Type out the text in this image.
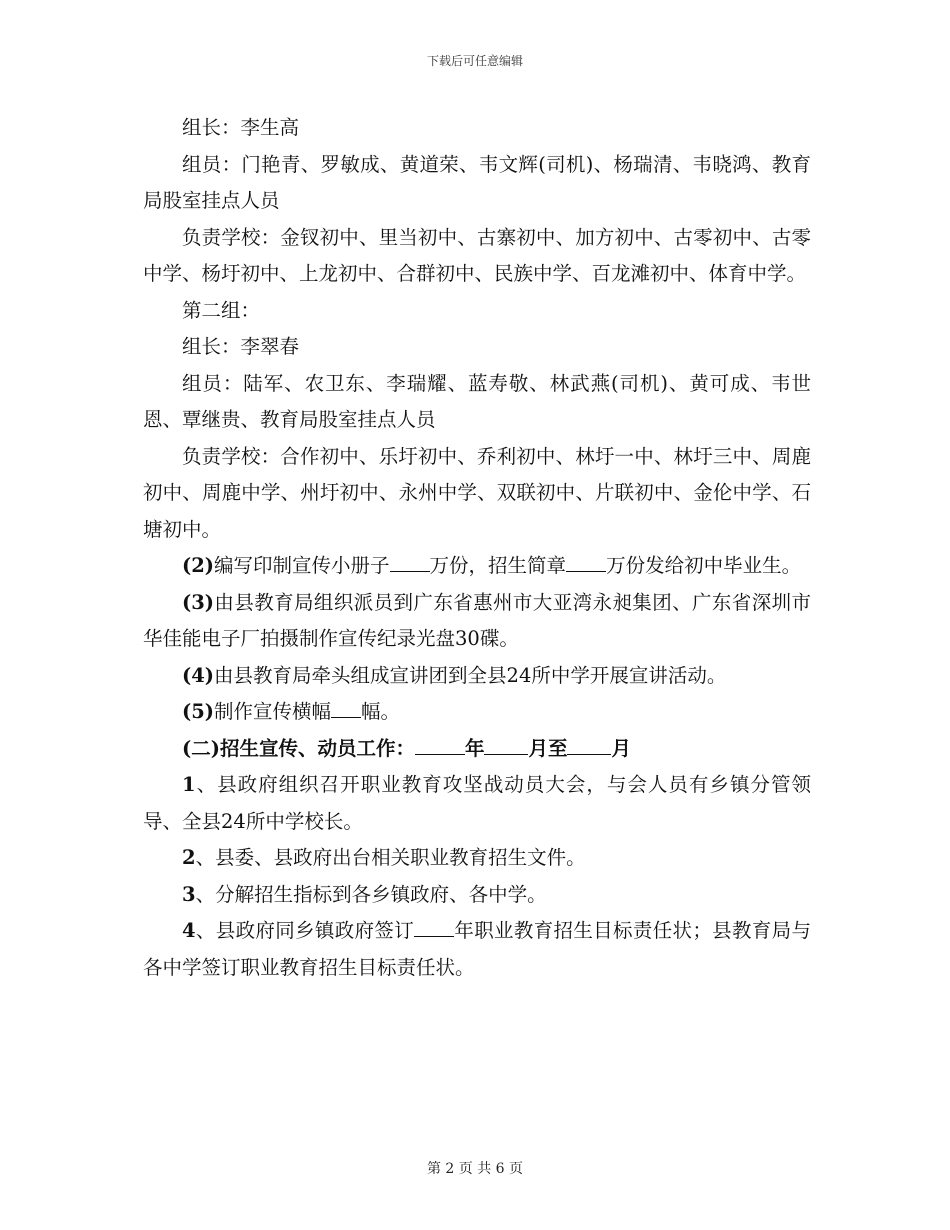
下载后可任意编辑

组长：李生高

组员：门艳青、罗敏成、黄道荣、韦文辉(司机)、杨瑞清、韦晓鸿、教育局股室挂点人员

负责学校：金钗初中、里当初中、古寨初中、加方初中、古零初中、古零中学、杨圩初中、上龙初中、合群初中、民族中学、百龙滩初中、体育中学。

第二组：

组长：李翠春

组员：陆军、农卫东、李瑞耀、蓝寿敬、林武燕(司机)、黄可成、韦世恩、覃继贵、教育局股室挂点人员

负责学校：合作初中、乐圩初中、乔利初中、林圩一中、林圩三中、周鹿初中、周鹿中学、州圩初中、永州中学、双联初中、片联初中、金伦中学、石塘初中。

(2)编写印制宣传小册子 万份，招生简章 万份发给初中毕业生。

(3)由县教育局组织派员到广东省惠州市大亚湾永昶集团、广东省深圳市华佳能电子厂拍摄制作宣传纪录光盘30碟。

(4)由县教育局牵头组成宣讲团到全县24所中学开展宣讲活动。

(5)制作宣传横幅 幅。

(二)招生宣传、动员工作：	年 月至 月

1、县政府组织召开职业教育攻坚战动员大会，与会人员有乡镇分管领导、全县24所中学校长。

2、县委、县政府出台相关职业教育招生文件。

3、分解招生指标到各乡镇政府、各中学。

4、县政府同乡镇政府签订 年职业教育招生目标责任状；县教育局与各中学签订职业教育招生目标责任状。

第 2 页 共 6 页
